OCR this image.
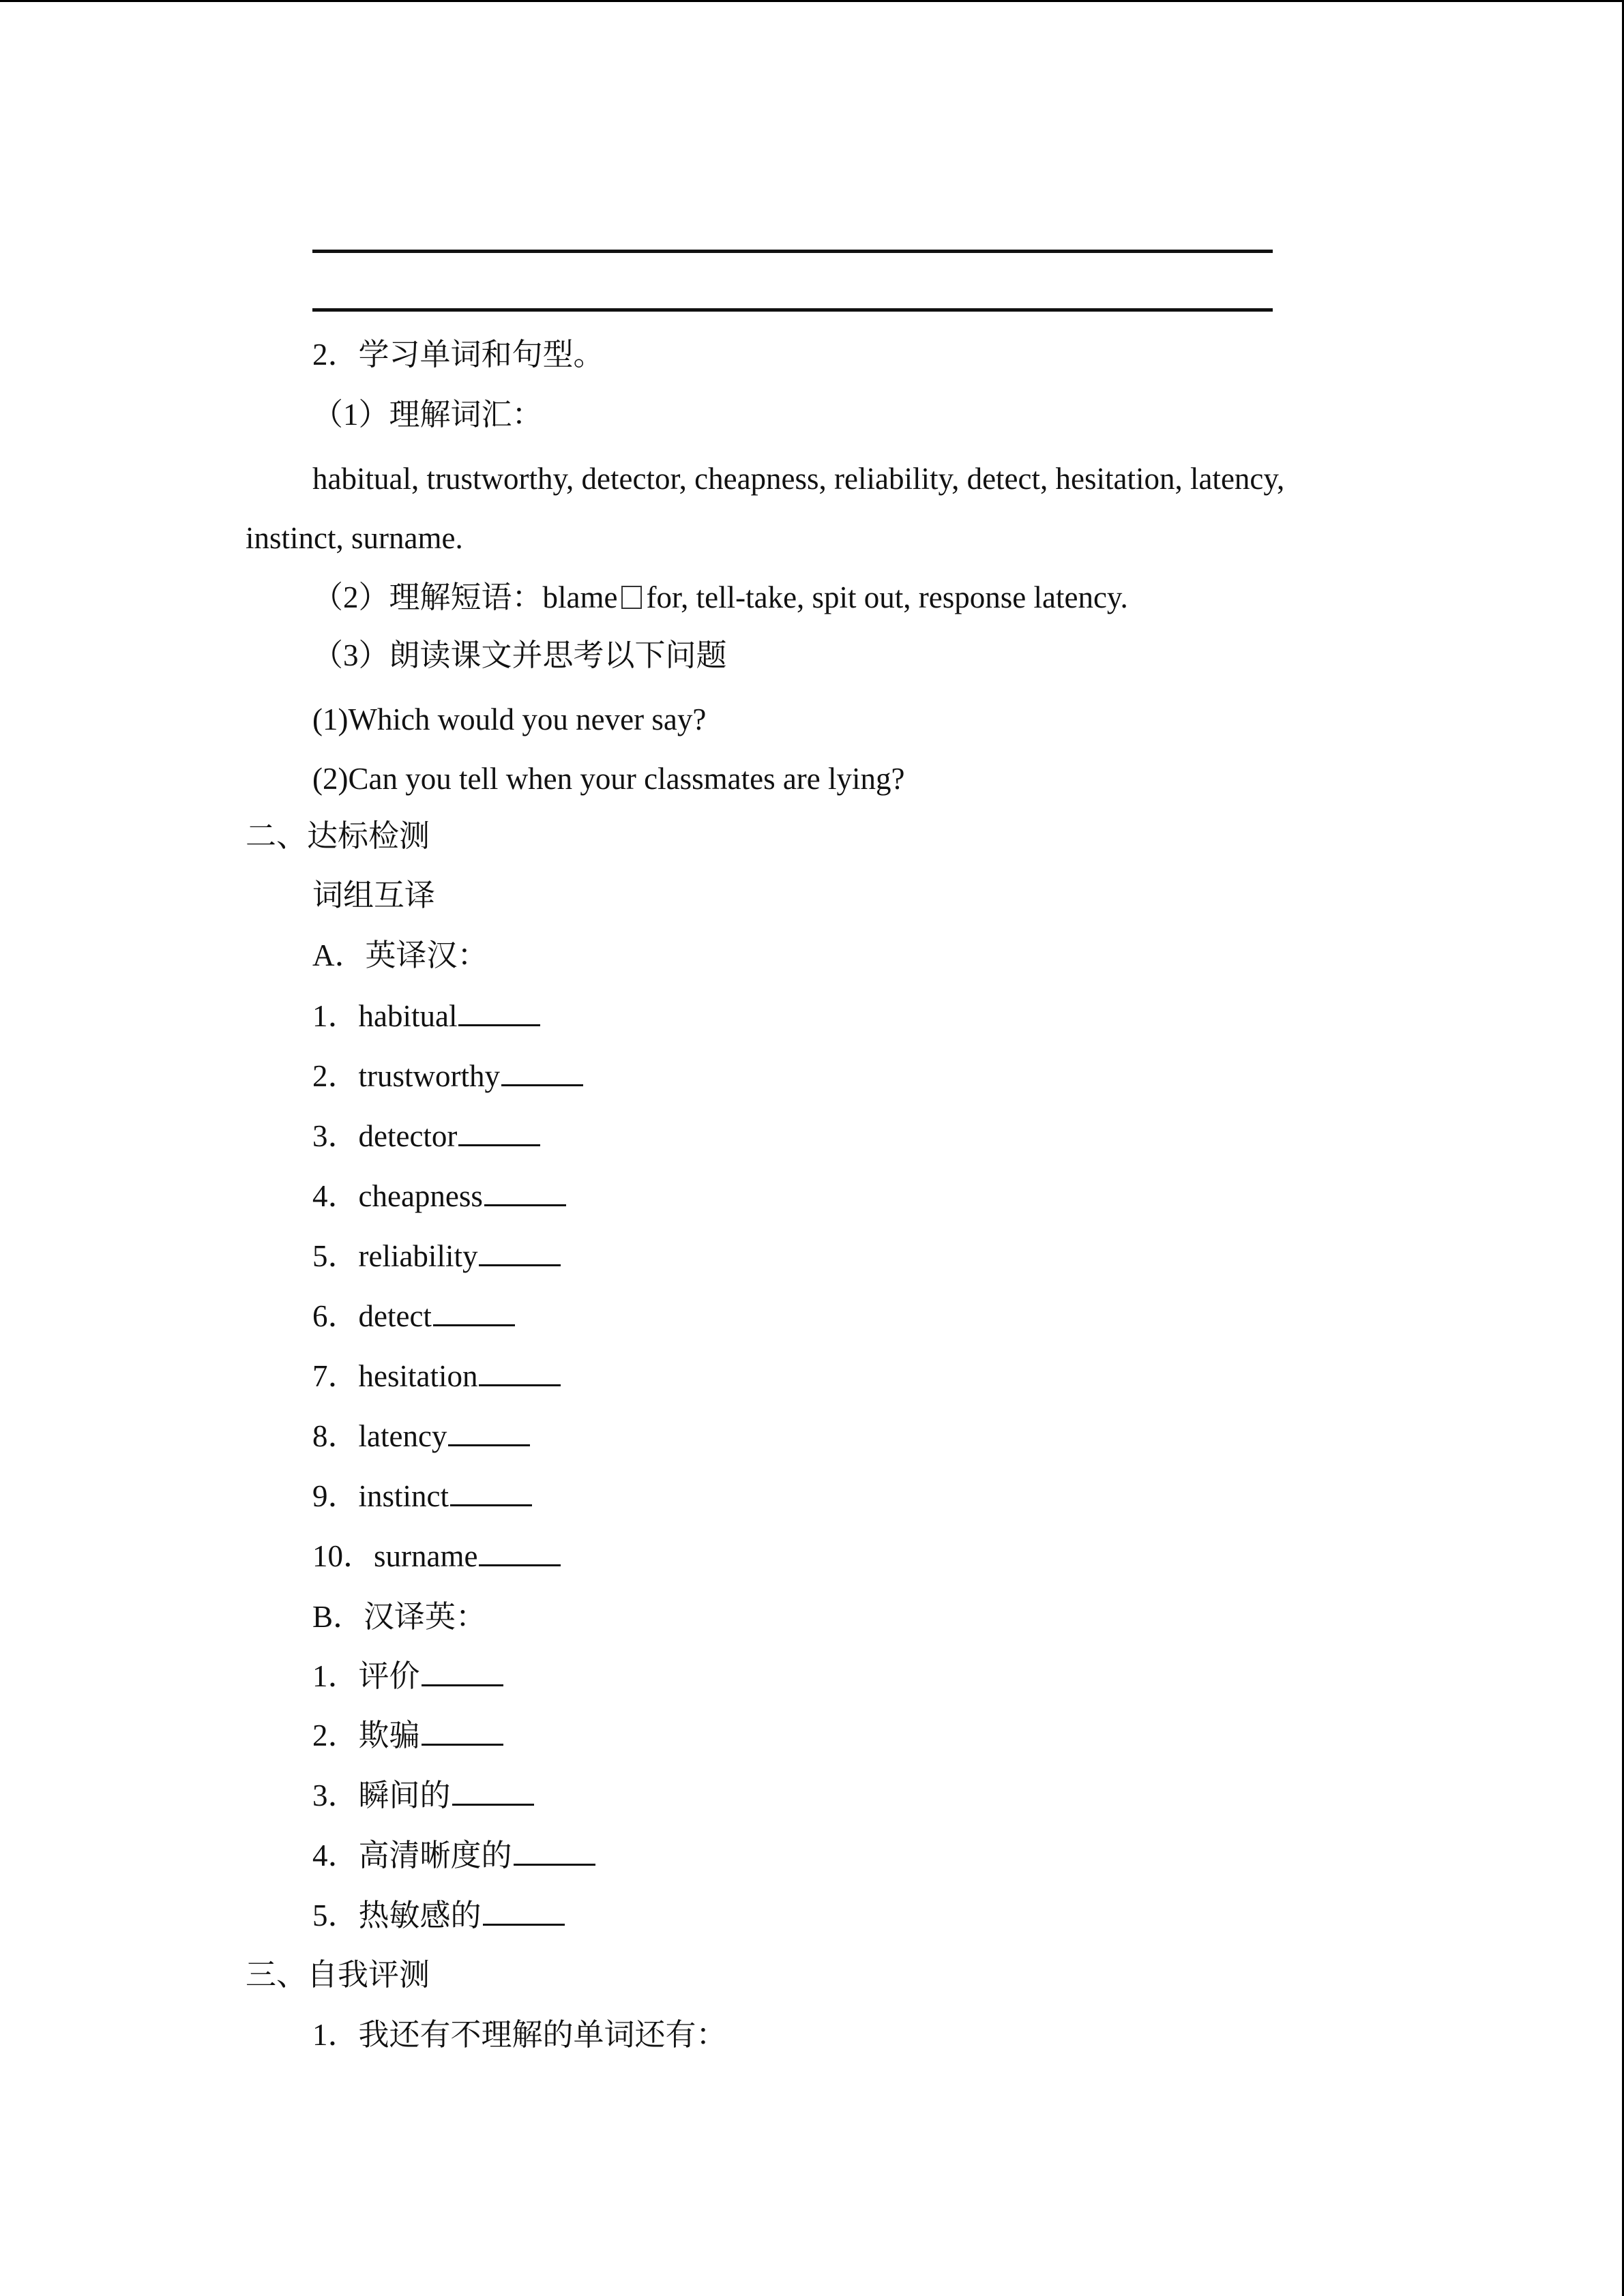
2．学习单词和句型。
（1）理解词汇：
habitual, trustworthy, detector, cheapness, reliability, detect, hesitation, latency,
instinct, surname.
（2）理解短语：blame for, tell-take, spit out, response latency.
（3）朗读课文并思考以下问题
(1)Which would you never say?
(2)Can you tell when your classmates are lying?
二、达标检测
词组互译
A．英译汉：
1．habitual
2．trustworthy
3．detector
4．cheapness
5．reliability
6．detect
7．hesitation
8．latency
9．instinct
10．surname
B．汉译英：
1．评价
2．欺骗
3．瞬间的
4．高清晰度的
5．热敏感的
三、自我评测
1．我还有不理解的单词还有：
